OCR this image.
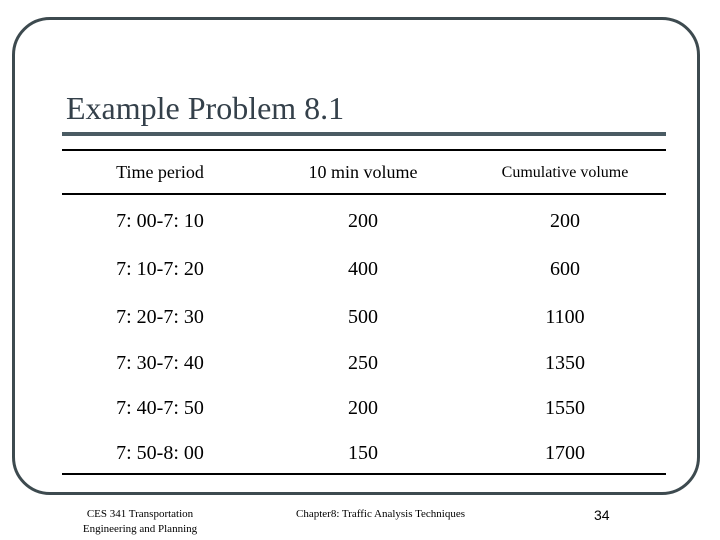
Example Problem 8.1
Time period	10 min volume	Cumulative volume
7: 00-7: 10	200	200
7: 10-7: 20	400	600
7: 20-7: 30	500	1100
7: 30-7: 40	250	1350
7: 40-7: 50	200	1550
7: 50-8: 00	150	1700
CES 341 Transportation
Engineering and Planning
Chapter8: Traffic Analysis Techniques	34
